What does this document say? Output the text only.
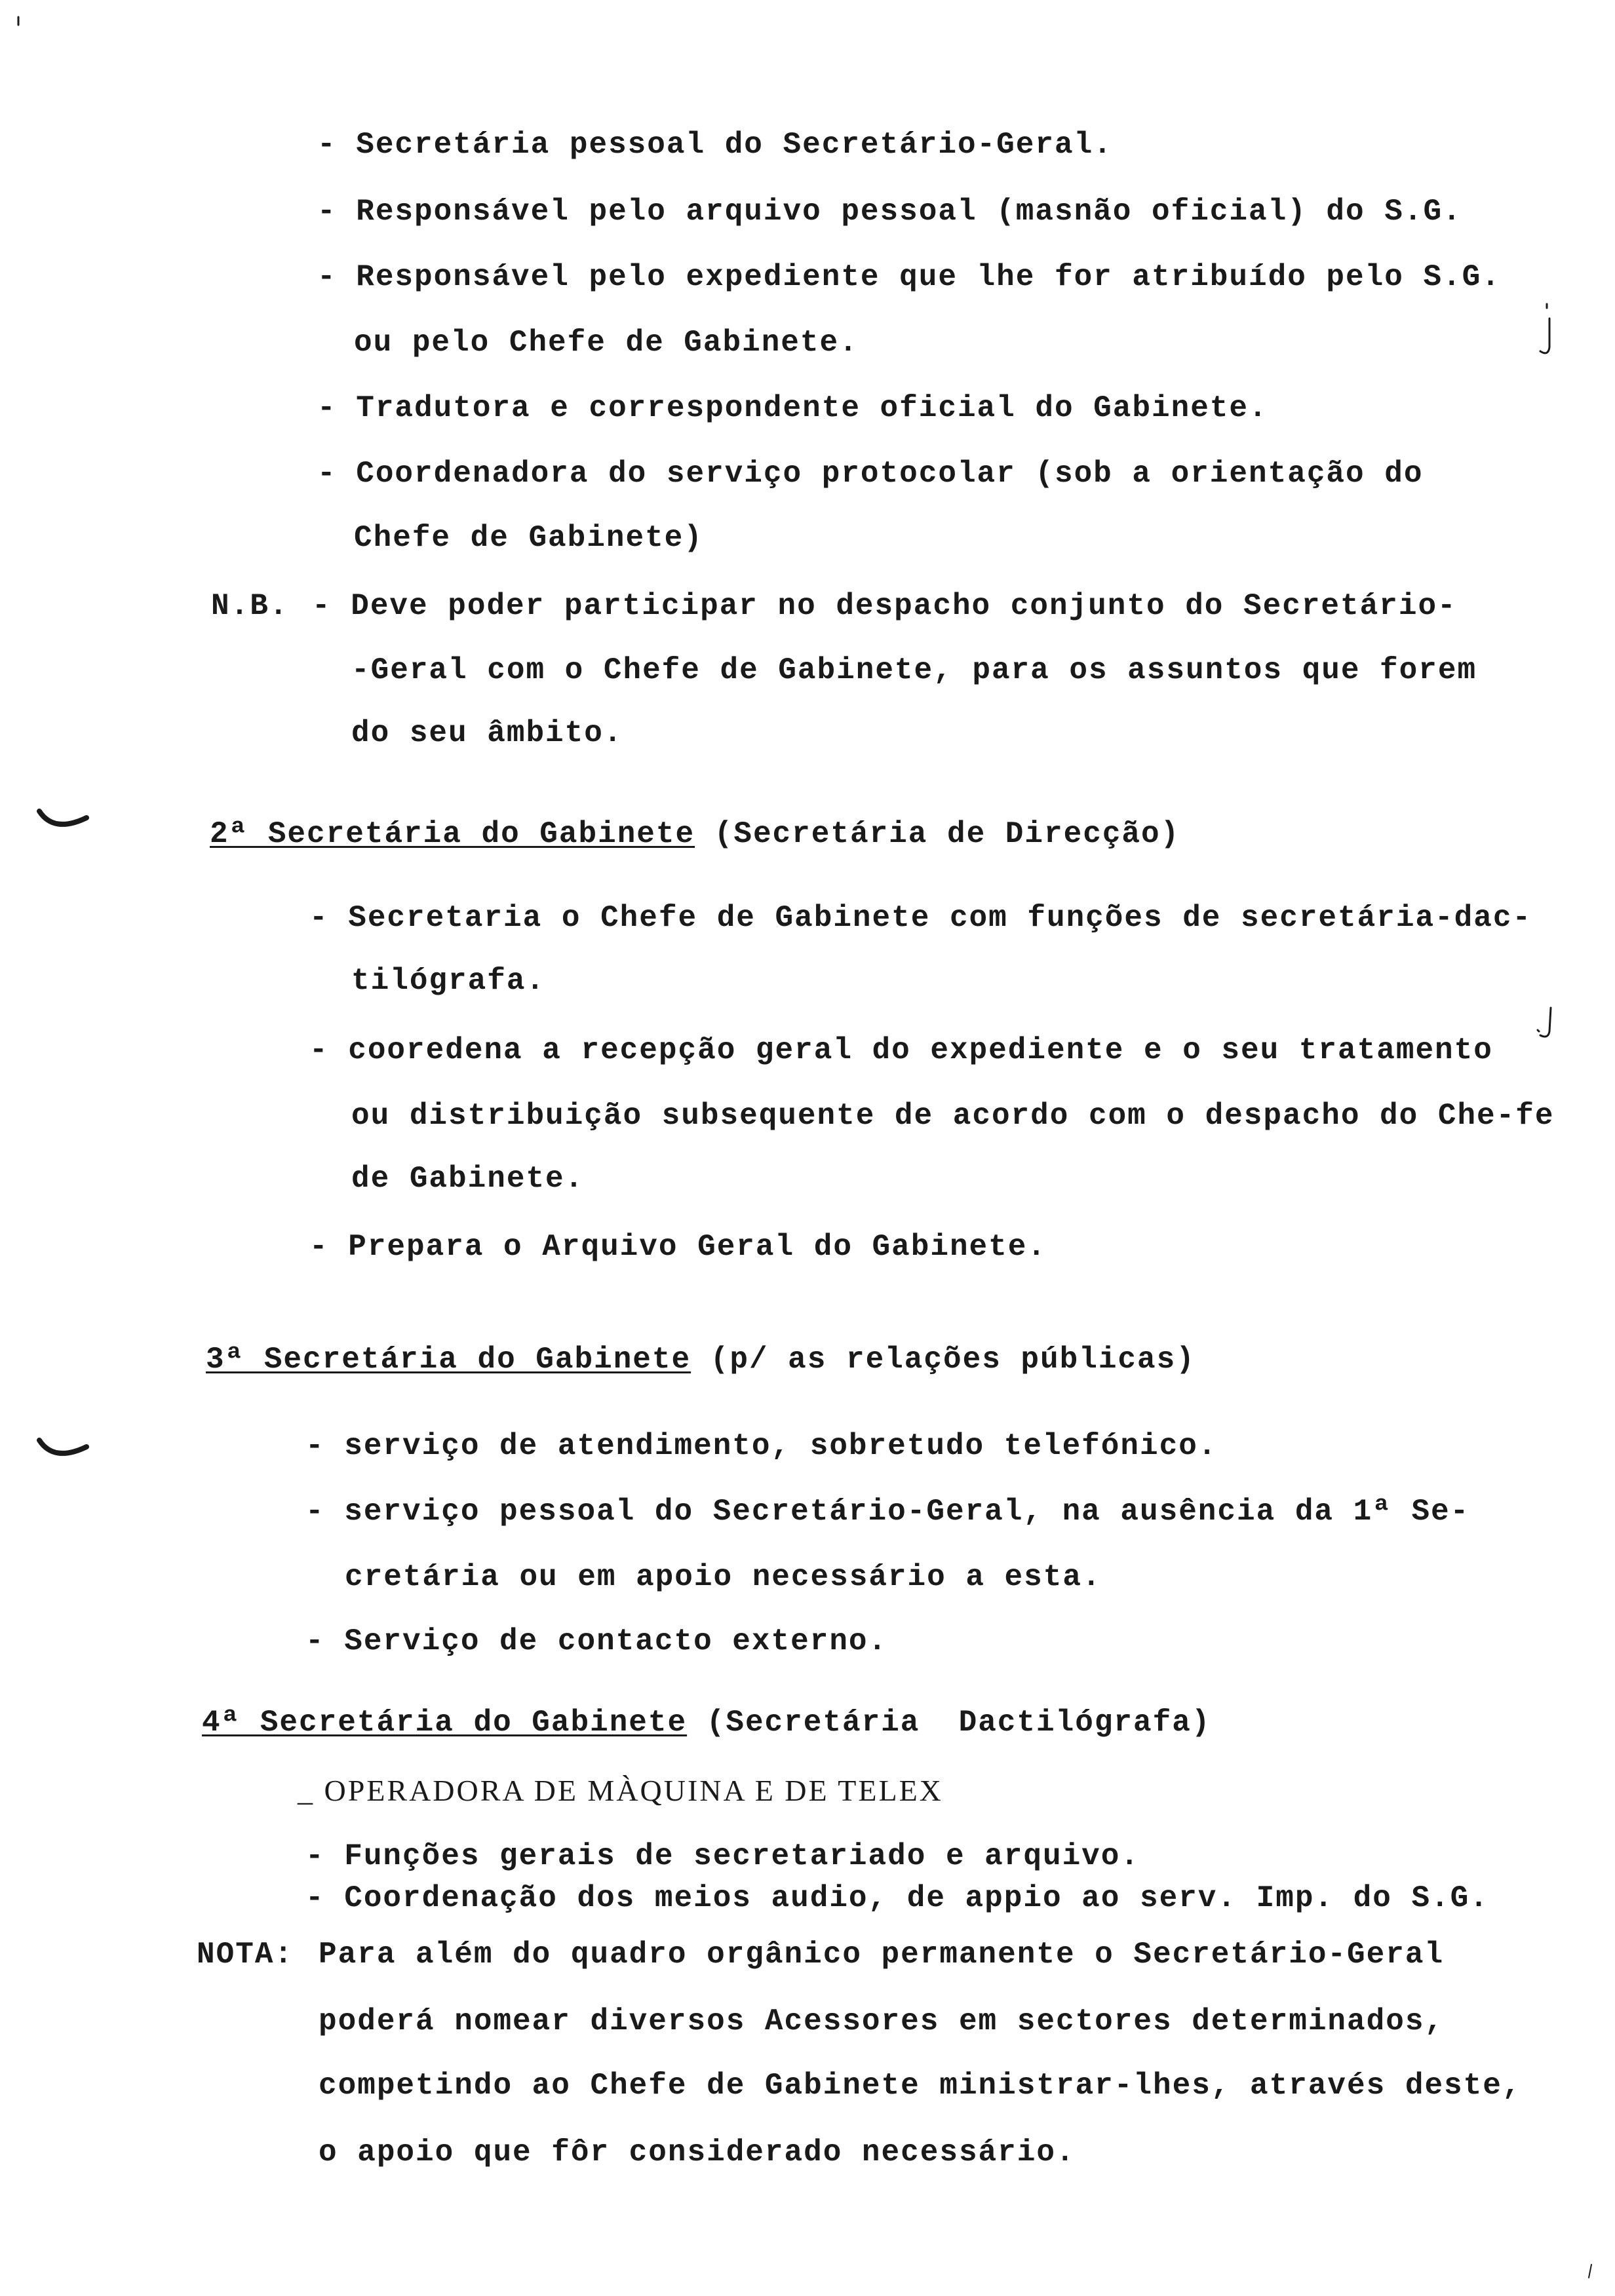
- Secretária pessoal do Secretário-Geral.
- Responsável pelo arquivo pessoal (masnão oficial) do S.G.
- Responsável pelo expediente que lhe for atribuído pelo S.G.
ou pelo Chefe de Gabinete.
- Tradutora e correspondente oficial do Gabinete.
- Coordenadora do serviço protocolar (sob a orientação do
Chefe de Gabinete)
N.B. - Deve poder participar no despacho conjunto do Secretário-
-Geral com o Chefe de Gabinete, para os assuntos que forem
do seu âmbito.
2ª Secretária do Gabinete (Secretária de Direcção)
- Secretaria o Chefe de Gabinete com funções de secretária-dac-
tilógrafa.
- cooredena a recepção geral do expediente e o seu tratamento
ou distribuição subsequente de acordo com o despacho do Che-fe
de Gabinete.
- Prepara o Arquivo Geral do Gabinete.
3ª Secretária do Gabinete (p/ as relações públicas)
- serviço de atendimento, sobretudo telefónico.
- serviço pessoal do Secretário-Geral, na ausência da 1ª Se-
cretária ou em apoio necessário a esta.
- Serviço de contacto externo.
4ª Secretária do Gabinete (Secretária  Dactilógrafa)
_ OPERADORA DE MÀQUINA E DE TELEX
- Funções gerais de secretariado e arquivo.
- Coordenação dos meios audio, de appio ao serv. Imp. do S.G.
NOTA: Para além do quadro orgânico permanente o Secretário-Geral
poderá nomear diversos Acessores em sectores determinados,
competindo ao Chefe de Gabinete ministrar-lhes, através deste,
o apoio que fôr considerado necessário.
